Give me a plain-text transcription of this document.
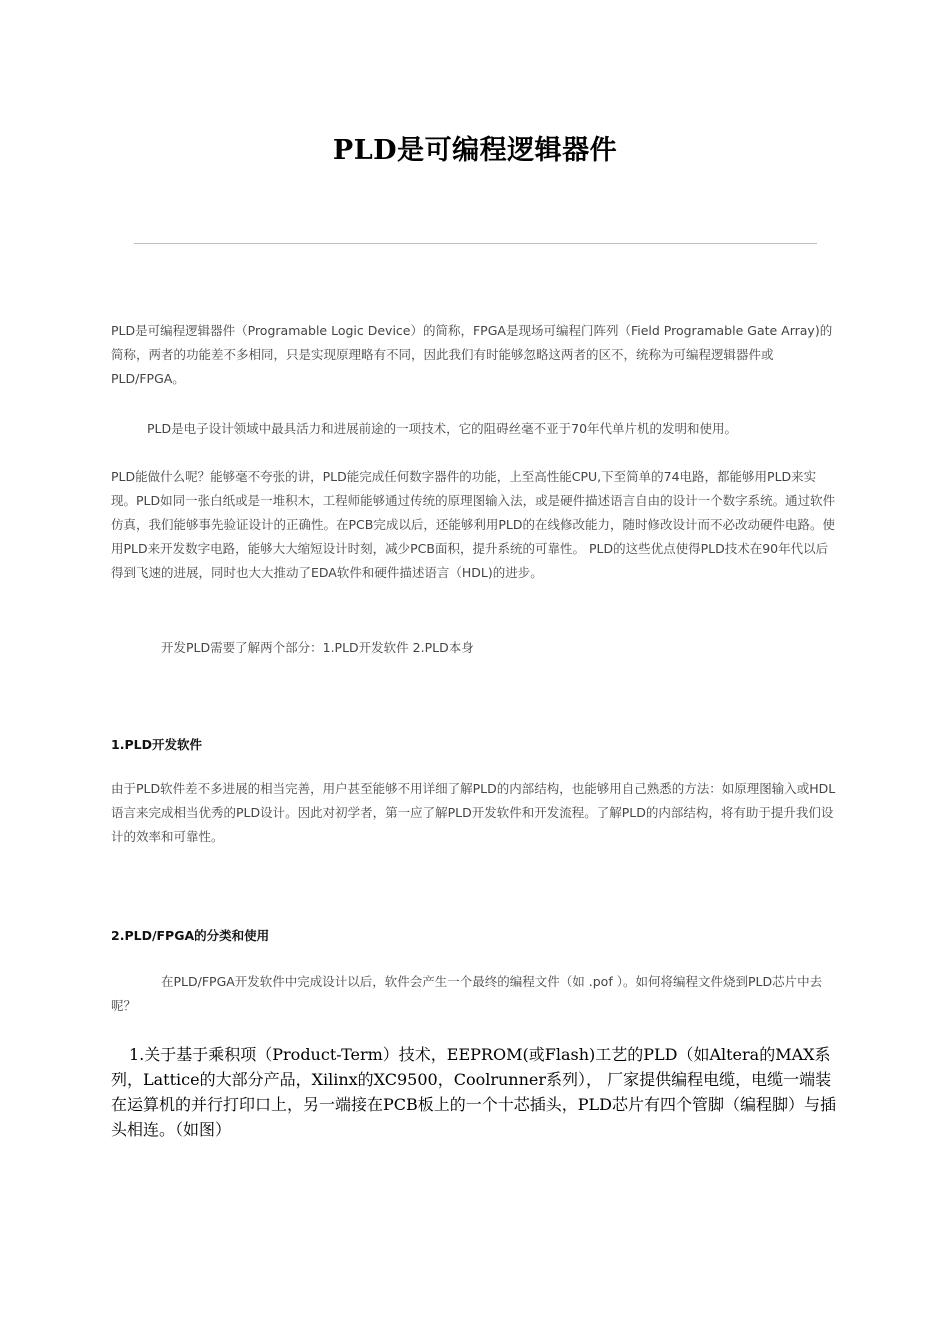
PLD是可编程逻辑器件
PLD是可编程逻辑器件（Programable Logic Device）的简称，FPGA是现场可编程门阵列（Field Programable Gate Array)的简称，两者的功能差不多相同，只是实现原理略有不同，因此我们有时能够忽略这两者的区不，统称为可编程逻辑器件或PLD/FPGA。
PLD是电子设计领域中最具活力和进展前途的一项技术，它的阻碍丝毫不亚于70年代单片机的发明和使用。
PLD能做什么呢？能够毫不夸张的讲，PLD能完成任何数字器件的功能，上至高性能CPU,下至简单的74电路，都能够用PLD来实现。PLD如同一张白纸或是一堆积木，工程师能够通过传统的原理图输入法，或是硬件描述语言自由的设计一个数字系统。通过软件仿真，我们能够事先验证设计的正确性。在PCB完成以后，还能够利用PLD的在线修改能力，随时修改设计而不必改动硬件电路。使用PLD来开发数字电路，能够大大缩短设计时刻，减少PCB面积，提升系统的可靠性。 PLD的这些优点使得PLD技术在90年代以后得到飞速的进展，同时也大大推动了EDA软件和硬件描述语言（HDL)的进步。
开发PLD需要了解两个部分：1.PLD开发软件 2.PLD本身
1.PLD开发软件
由于PLD软件差不多进展的相当完善，用户甚至能够不用详细了解PLD的内部结构，也能够用自己熟悉的方法：如原理图输入或HDL语言来完成相当优秀的PLD设计。因此对初学者，第一应了解PLD开发软件和开发流程。了解PLD的内部结构，将有助于提升我们设计的效率和可靠性。
2.PLD/FPGA的分类和使用
在PLD/FPGA开发软件中完成设计以后，软件会产生一个最终的编程文件（如 .pof ）。如何将编程文件烧到PLD芯片中去呢？
1.关于基于乘积项（Product-Term）技术，EEPROM(或Flash)工艺的PLD（如Altera的MAX系列，Lattice的大部分产品，Xilinx的XC9500，Coolrunner系列）， 厂家提供编程电缆，电缆一端装在运算机的并行打印口上，另一端接在PCB板上的一个十芯插头，PLD芯片有四个管脚（编程脚）与插头相连。（如图）
